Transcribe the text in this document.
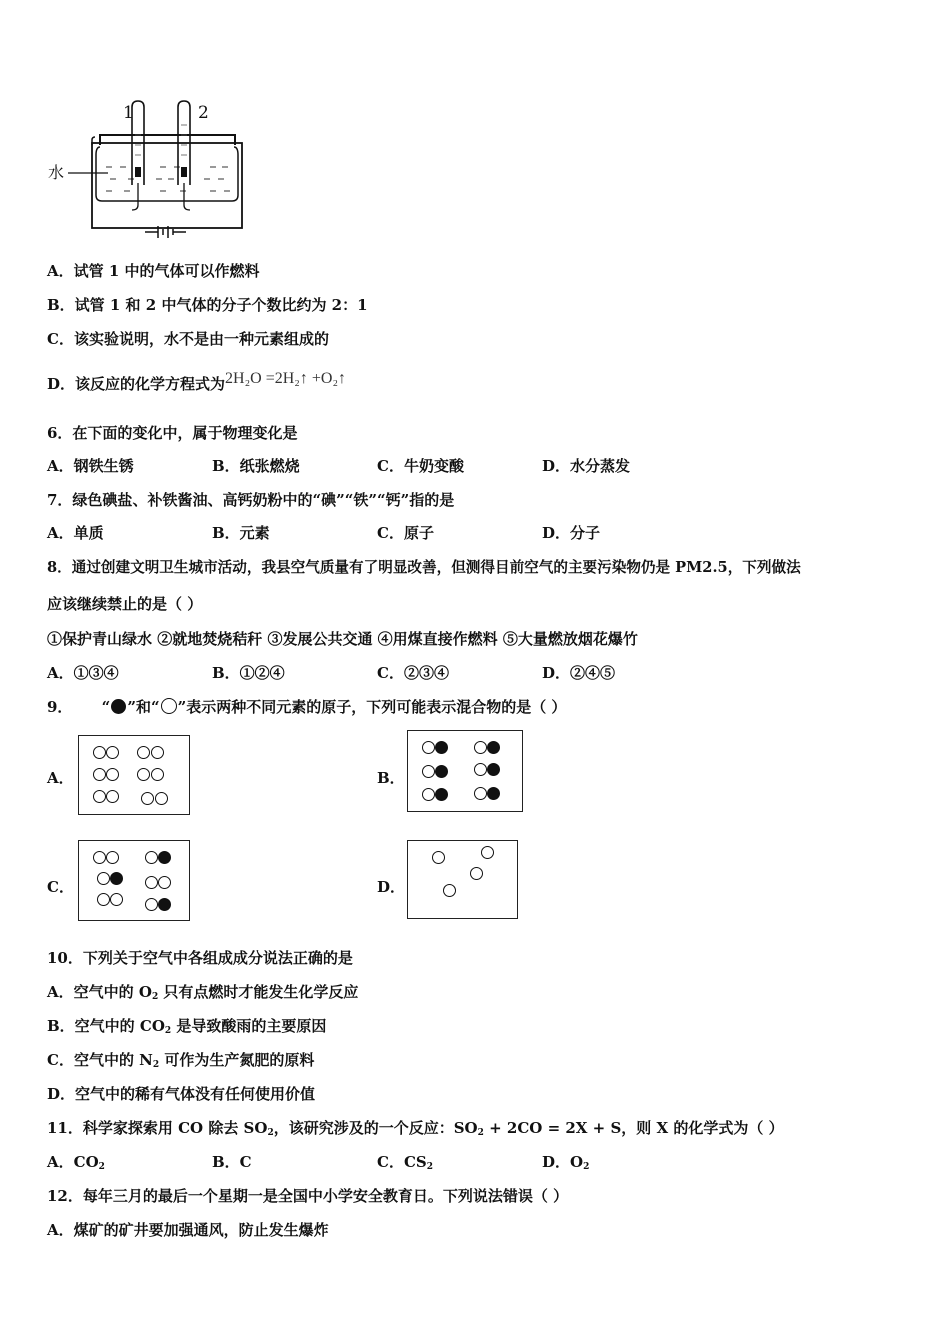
1	2
水
A．试管 1 中的气体可以作燃料
B．试管 1 和 2 中气体的分子个数比约为 2：1
C．该实验说明，水不是由一种元素组成的
D．该反应的化学方程式为2H₂O =2H₂↑ +O₂↑
6．在下面的变化中，属于物理变化是
A．钢铁生锈	B．纸张燃烧	C．牛奶变酸	D．水分蒸发
7．绿色碘盐、补铁酱油、高钙奶粉中的“碘”“铁”“钙”指的是
A．单质	B．元素	C．原子	D．分子
8．通过创建文明卫生城市活动，我县空气质量有了明显改善，但测得目前空气的主要污染物仍是 PM2.5，下列做法
应该继续禁止的是（ ）
①保护青山绿水 ②就地焚烧秸秆 ③发展公共交通 ④用煤直接作燃料 ⑤大量燃放烟花爆竹
A．①③④	B．①②④	C．②③④	D．②④⑤
9． “ ”和“ ”表示两种不同元素的原子，下列可能表示混合物的是（ ）
A．	B．
C．	D．
10．下列关于空气中各组成成分说法正确的是
A．空气中的 $O_2$ 只有点燃时才能发生化学反应
B．空气中的 $CO_2$ 是导致酸雨的主要原因
C．空气中的 $N_2$ 可作为生产氮肥的原料
D．空气中的稀有气体没有任何使用价值
11．科学家探索用 CO 除去 $SO_2$，该研究涉及的一个反应：$SO_2 + 2CO = 2X + S$，则 X 的化学式为（ ）
A．$CO_2$	B．C	C．$CS_2$	D．$O_2$
12．每年三月的最后一个星期一是全国中小学安全教育日。下列说法错误（ ）
A．煤矿的矿井要加强通风，防止发生爆炸
